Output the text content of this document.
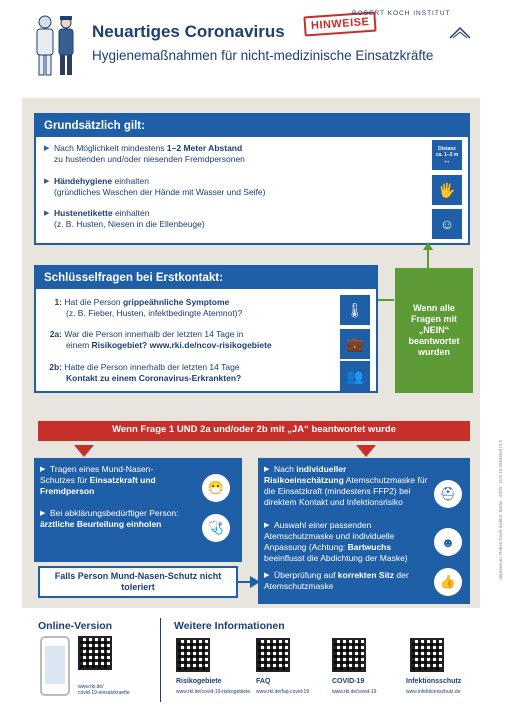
Neuartiges Coronavirus	HINWEISE
Hygienemaßnahmen für nicht-medizinische Einsatzkräfte
ROBERT KOCH INSTITUT
Grundsätzlich gilt:
▶ Nach Möglichkeit mindestens 1–2 Meter Abstand
zu hustenden und/oder niesenden Fremdpersonen
▶ Händehygiene einhalten
(gründliches Waschen der Hände mit Wasser und Seife)
▶ Hustenetikette einhalten
(z. B. Husten, Niesen in die Ellenbeuge)
Distanz
ca. 1–2 m
↔
🖐
☺
Schlüsselfragen bei Erstkontakt:
1: Hat die Person grippeähnliche Symptome
(z. B. Fieber, Husten, infektbedingte Atemnot)?
2a: War die Person innerhalb der letzten 14 Tage in
einem Risikogebiet? www.rki.de/ncov-risikogebiete
2b: Hatte die Person innerhalb der letzten 14 Tage
Kontakt zu einem Coronavirus-Erkrankten?
🌡
💼
👥
Wenn alle Fragen mit „NEIN“ beantwortet wurden
Wenn Frage 1 UND 2a und/oder 2b mit „JA“ beantwortet wurde
▶ Tragen eines Mund-Nasen-Schutzes für Einsatzkraft und Fremdperson
▶ Bei abklärungsbedürftiger Person: ärztliche Beurteilung einholen
😷
🩺
Falls Person Mund-Nasen-Schutz nicht toleriert
▶ Nach individueller Risikoeinschätzung Atemschutzmaske für die Einsatzkraft (mindestens FFP2) bei direktem Kontakt und Infektionsrisiko
▶ Auswahl einer passenden Atemschutzmaske und individuelle Anpassung (Achtung: Bartwuchs beeinflusst die Abdichtung der Maske)
▶ Überprüfung auf korrekten Sitz der Atemschutzmaske
⛑
☻
👍
Online-Version	Weitere Informationen
www.rki.de/
covid-19-einsatzkraefte
Risikogebiete
www.rki.de/covid-19-risikogebiete
FAQ
www.rki.de/faq-covid-19
COVID-19
www.rki.de/covid-19
Infektionsschutz
www.infektionsschutz.de
Impressum: Robert Koch-Institut, Berlin · 2020 · DOI 10.25646/6474.2
